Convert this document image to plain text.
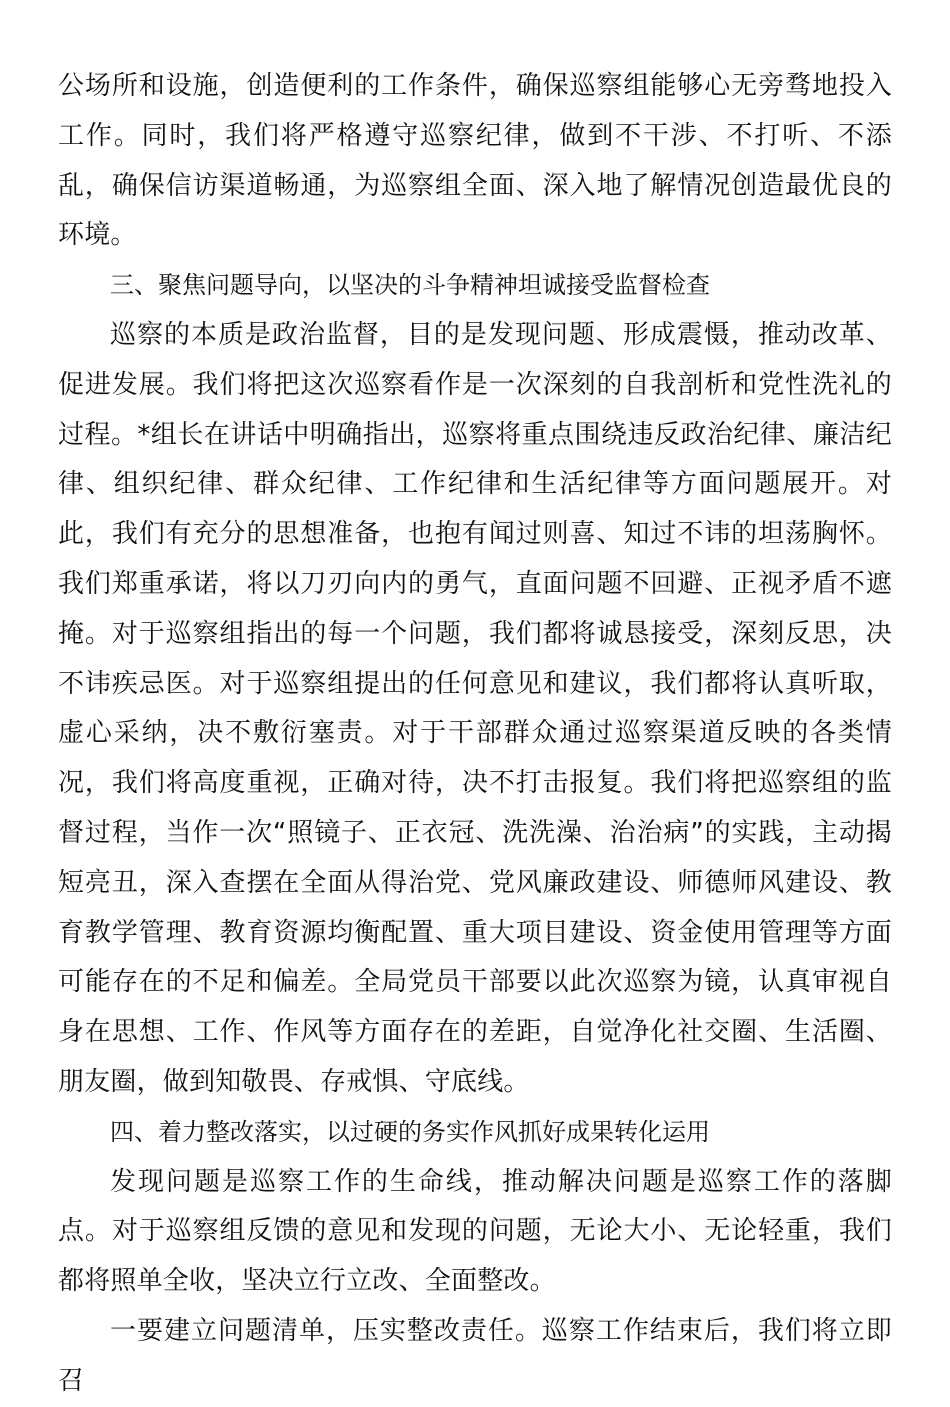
公场所和设施，创造便利的工作条件，确保巡察组能够心无旁骛地投入工作。同时，我们将严格遵守巡察纪律，做到不干涉、不打听、不添乱，确保信访渠道畅通，为巡察组全面、深入地了解情况创造最优良的环境。

三、聚焦问题导向，以坚决的斗争精神坦诚接受监督检查

巡察的本质是政治监督，目的是发现问题、形成震慑，推动改革、促进发展。我们将把这次巡察看作是一次深刻的自我剖析和党性洗礼的过程。*组长在讲话中明确指出，巡察将重点围绕违反政治纪律、廉洁纪律、组织纪律、群众纪律、工作纪律和生活纪律等方面问题展开。对此，我们有充分的思想准备，也抱有闻过则喜、知过不讳的坦荡胸怀。我们郑重承诺，将以刀刃向内的勇气，直面问题不回避、正视矛盾不遮掩。对于巡察组指出的每一个问题，我们都将诚恳接受，深刻反思，决不讳疾忌医。对于巡察组提出的任何意见和建议，我们都将认真听取，虚心采纳，决不敷衍塞责。对于干部群众通过巡察渠道反映的各类情况，我们将高度重视，正确对待，决不打击报复。我们将把巡察组的监督过程，当作一次“照镜子、正衣冠、洗洗澡、治治病”的实践，主动揭短亮丑，深入查摆在全面从得治党、党风廉政建设、师德师风建设、教育教学管理、教育资源均衡配置、重大项目建设、资金使用管理等方面可能存在的不足和偏差。全局党员干部要以此次巡察为镜，认真审视自身在思想、工作、作风等方面存在的差距，自觉净化社交圈、生活圈、朋友圈，做到知敬畏、存戒惧、守底线。

四、着力整改落实，以过硬的务实作风抓好成果转化运用

发现问题是巡察工作的生命线，推动解决问题是巡察工作的落脚点。对于巡察组反馈的意见和发现的问题，无论大小、无论轻重，我们都将照单全收，坚决立行立改、全面整改。

一要建立问题清单，压实整改责任。巡察工作结束后，我们将立即召
